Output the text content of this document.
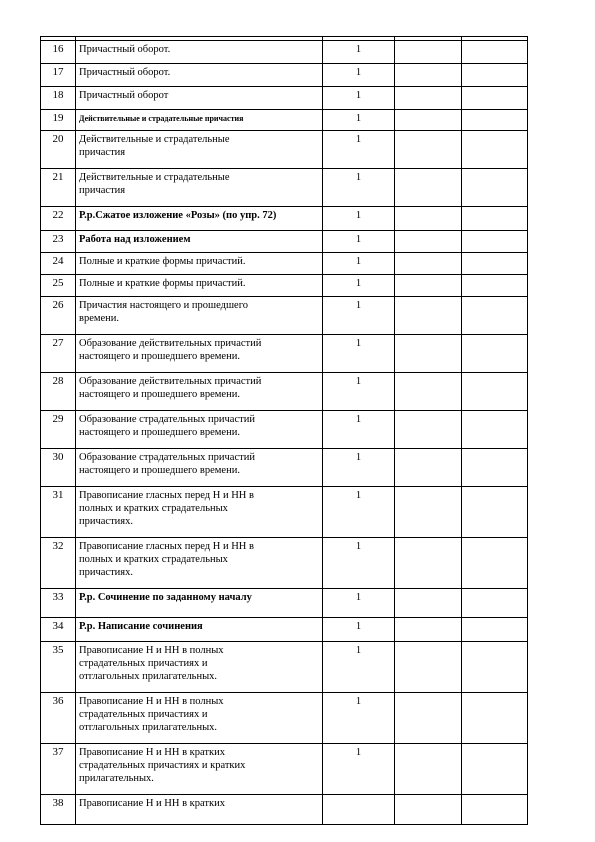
16	Причастный оборот.	1		
17	Причастный оборот.	1		
18	Причастный оборот	1		
19	Действительные и страдательные причастия	1		
20	Действительные и страдательные
причастия	1		
21	Действительные и страдательные
причастия	1		
22	Р.р.Сжатое изложение «Розы» (по упр. 72)	1		
23	Работа над изложением	1		
24	Полные и краткие формы причастий.	1		
25	Полные и краткие формы причастий.	1		
26	Причастия настоящего и прошедшего
времени.	1		
27	Образование действительных причастий
настоящего и прошедшего времени.	1		
28	Образование действительных причастий
настоящего и прошедшего времени.	1		
29	Образование страдательных причастий
настоящего и прошедшего времени.	1		
30	Образование страдательных причастий
настоящего и прошедшего времени.	1		
31	Правописание гласных перед Н и НН в
полных и кратких страдательных
причастиях.	1		
32	Правописание гласных перед Н и НН в
полных и кратких страдательных
причастиях.	1		
33	Р.р. Сочинение по заданному началу	1		
34	Р.р. Написание сочинения	1		
35	Правописание Н и НН в полных
страдательных причастиях и
отглагольных прилагательных.	1		
36	Правописание Н и НН в полных
страдательных причастиях и
отглагольных прилагательных.	1		
37	Правописание Н и НН в кратких
страдательных причастиях и кратких
прилагательных.	1		
38	Правописание Н и НН в кратких			
